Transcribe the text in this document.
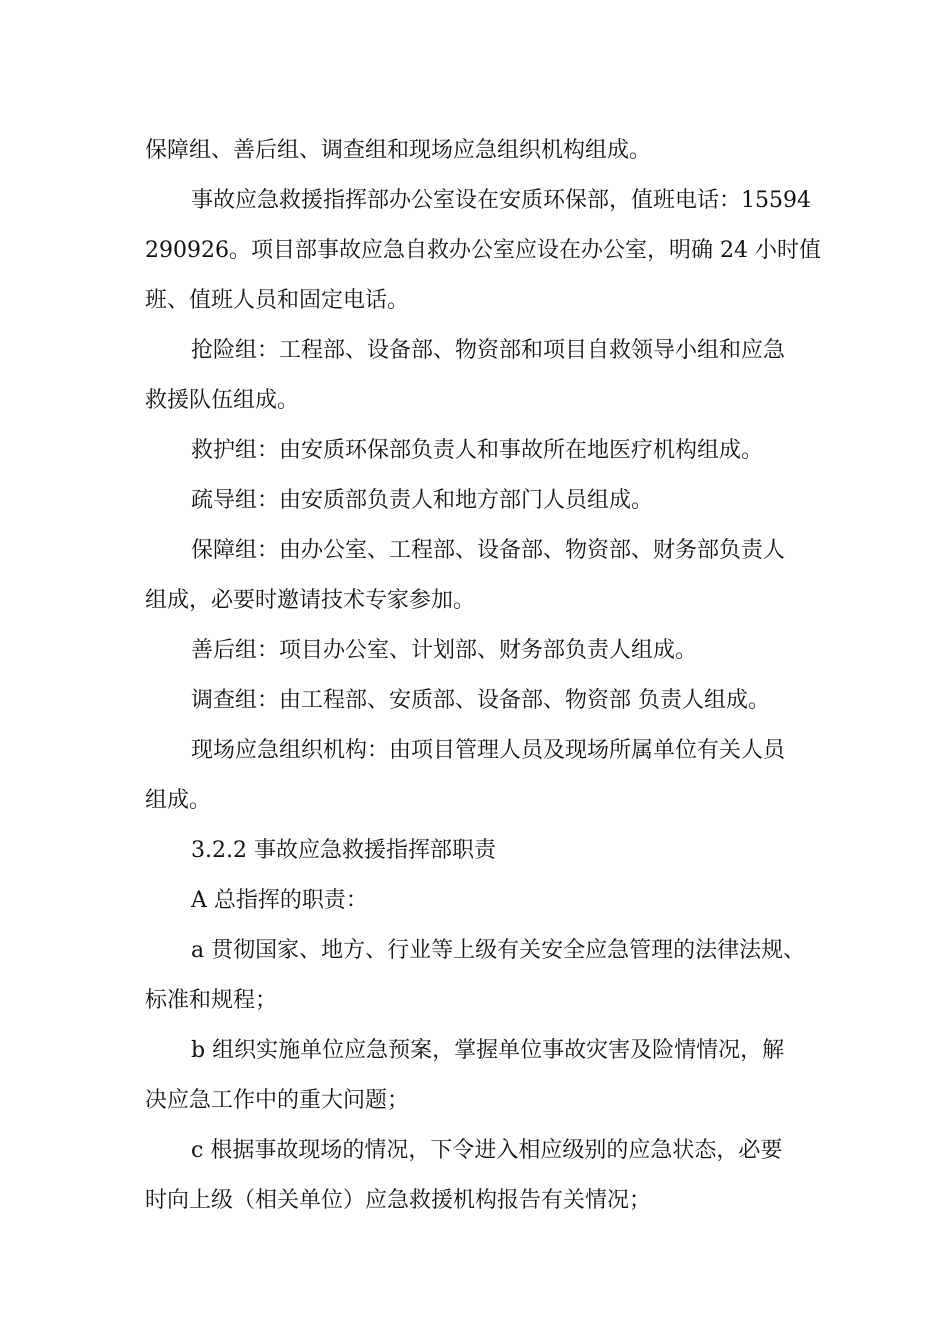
保障组、善后组、调查组和现场应急组织机构组成。
事故应急救援指挥部办公室设在安质环保部，值班电话：15594
290926。项目部事故应急自救办公室应设在办公室，明确 24 小时值
班、值班人员和固定电话。
抢险组：工程部、设备部、物资部和项目自救领导小组和应急
救援队伍组成。
救护组：由安质环保部负责人和事故所在地医疗机构组成。
疏导组：由安质部负责人和地方部门人员组成。
保障组：由办公室、工程部、设备部、物资部、财务部负责人
组成，必要时邀请技术专家参加。
善后组：项目办公室、计划部、财务部负责人组成。
调查组：由工程部、安质部、设备部、物资部 负责人组成。
现场应急组织机构：由项目管理人员及现场所属单位有关人员
组成。
3.2.2 事故应急救援指挥部职责
A 总指挥的职责：
a 贯彻国家、地方、行业等上级有关安全应急管理的法律法规、
标准和规程；
b 组织实施单位应急预案，掌握单位事故灾害及险情情况，解
决应急工作中的重大问题；
c 根据事故现场的情况，下令进入相应级别的应急状态，必要
时向上级（相关单位）应急救援机构报告有关情况；
